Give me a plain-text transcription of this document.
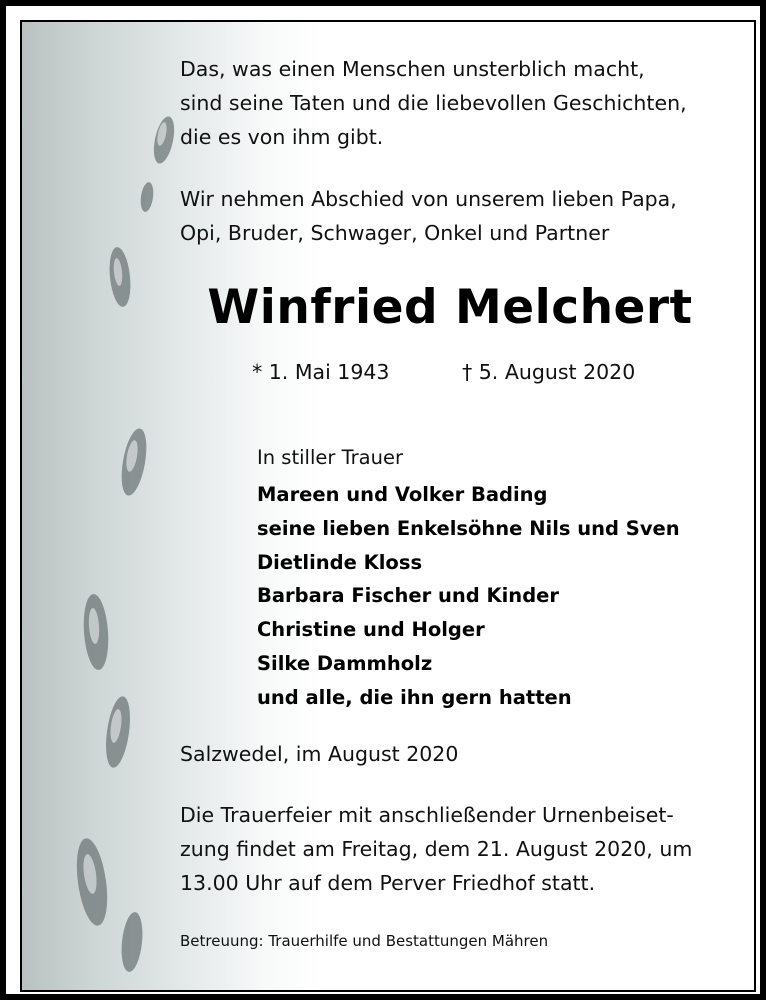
Das, was einen Menschen unsterblich macht,
sind seine Taten und die liebevollen Geschichten,
die es von ihm gibt.
Wir nehmen Abschied von unserem lieben Papa,
Opi, Bruder, Schwager, Onkel und Partner
Winfried Melchert
* 1. Mai 1943	† 5. August 2020
In stiller Trauer
Mareen und Volker Bading
seine lieben Enkelsöhne Nils und Sven
Dietlinde Kloss
Barbara Fischer und Kinder
Christine und Holger
Silke Dammholz
und alle, die ihn gern hatten
Salzwedel, im August 2020
Die Trauerfeier mit anschließender Urnenbeiset-
zung findet am Freitag, dem 21. August 2020, um
13.00 Uhr auf dem Perver Friedhof statt.
Betreuung: Trauerhilfe und Bestattungen Mähren
